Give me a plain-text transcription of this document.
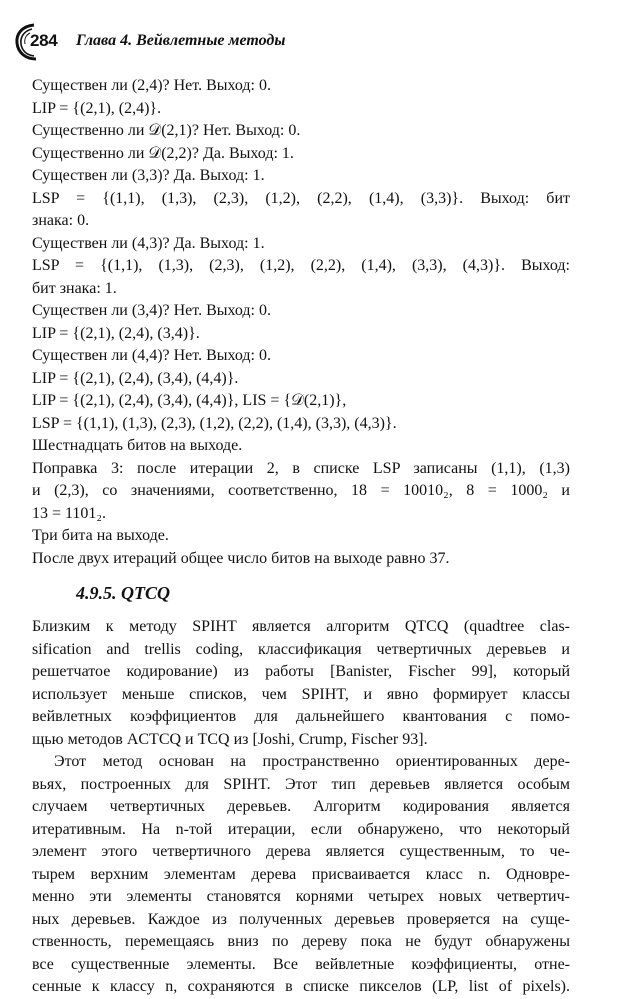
284 Глава 4. Вейвлетные методы
Существен ли (2,4)? Нет. Выход: 0.
LIP = {(2,1), (2,4)}.
Существенно ли 𝒟(2,1)? Нет. Выход: 0.
Существенно ли 𝒟(2,2)? Да. Выход: 1.
Существен ли (3,3)? Да. Выход: 1.
LSP = {(1,1), (1,3), (2,3), (1,2), (2,2), (1,4), (3,3)}. Выход: бит
знака: 0.
Существен ли (4,3)? Да. Выход: 1.
LSP = {(1,1), (1,3), (2,3), (1,2), (2,2), (1,4), (3,3), (4,3)}. Выход:
бит знака: 1.
Существен ли (3,4)? Нет. Выход: 0.
LIP = {(2,1), (2,4), (3,4)}.
Существен ли (4,4)? Нет. Выход: 0.
LIP = {(2,1), (2,4), (3,4), (4,4)}.
LIP = {(2,1), (2,4), (3,4), (4,4)}, LIS = {𝒟(2,1)},
LSP = {(1,1), (1,3), (2,3), (1,2), (2,2), (1,4), (3,3), (4,3)}.
Шестнадцать битов на выходе.
Поправка 3: после итерации 2, в списке LSP записаны (1,1), (1,3)
и (2,3), со значениями, соответственно, 18 = 10010₂, 8 = 1000₂ и
13 = 1101₂.
Три бита на выходе.
После двух итераций общее число битов на выходе равно 37.
4.9.5. QTCQ
Близким к методу SPIHT является алгоритм QTCQ (quadtree clas-
sification and trellis coding, классификация четвертичных деревьев и
решетчатое кодирование) из работы [Banister, Fischer 99], который
использует меньше списков, чем SPIHT, и явно формирует классы
вейвлетных коэффициентов для дальнейшего квантования с помо-
щью методов ACTCQ и TCQ из [Joshi, Crump, Fischer 93].
Этот метод основан на пространственно ориентированных дере-
вьях, построенных для SPIHT. Этот тип деревьев является особым
случаем четвертичных деревьев. Алгоритм кодирования является
итеративным. На n-той итерации, если обнаружено, что некоторый
элемент этого четвертичного дерева является существенным, то че-
тырем верхним элементам дерева присваивается класс n. Одновре-
менно эти элементы становятся корнями четырех новых четвертич-
ных деревьев. Каждое из полученных деревьев проверяется на суще-
ственность, перемещаясь вниз по дереву пока не будут обнаружены
все существенные элементы. Все вейвлетные коэффициенты, отне-
сенные к классу n, сохраняются в списке пикселов (LP, list of pixels).
